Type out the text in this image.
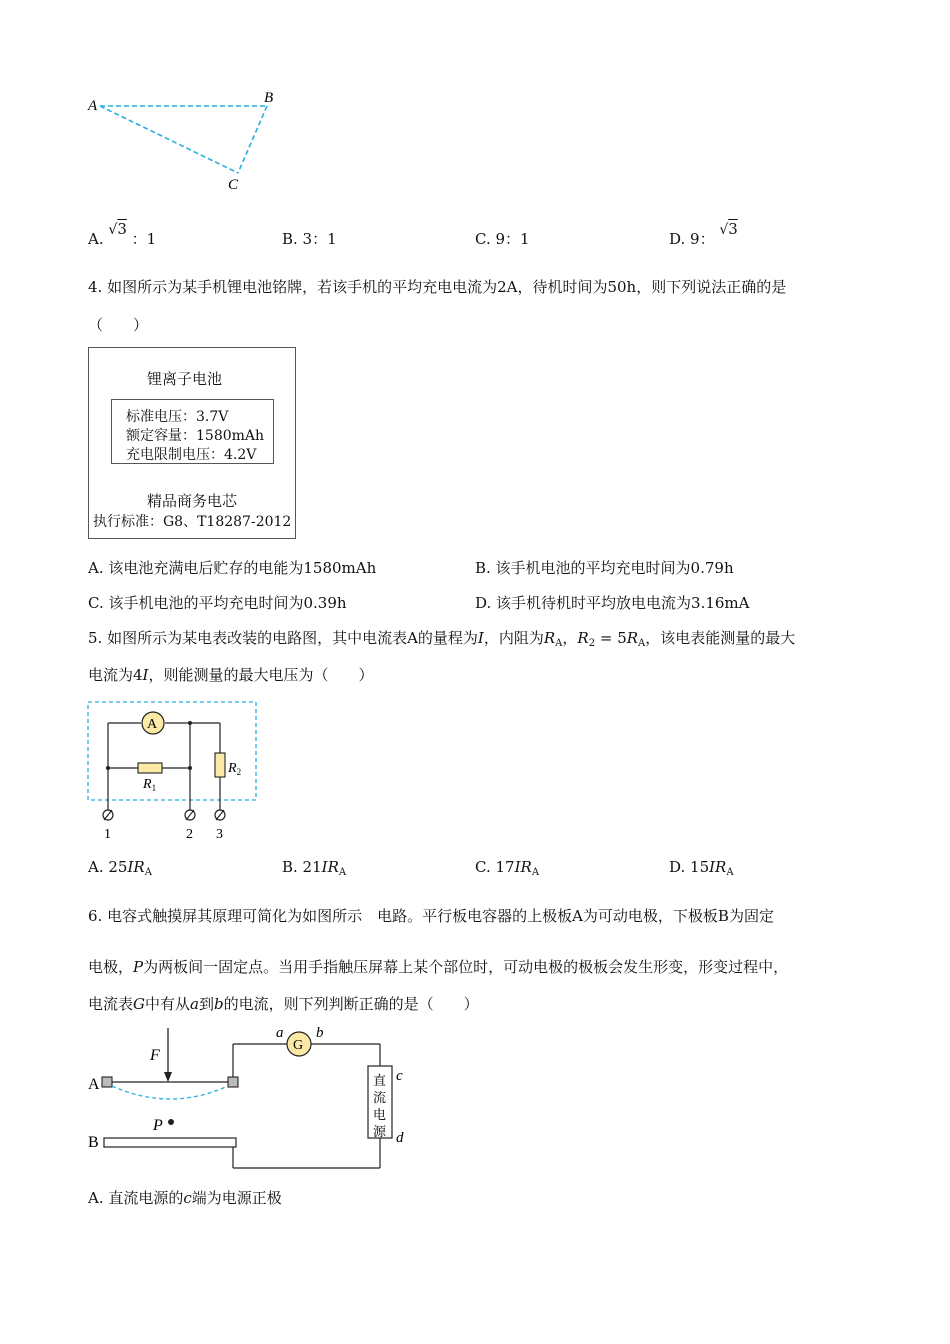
A	B
C
A. √3 ：1	B. 3：1	C. 9：1	D. 9： √3
4. 如图所示为某手机锂电池铭牌，若该手机的平均充电电流为2A，待机时间为50h，则下列说法正确的是
（　　）
锂离子电池
标准电压：3.7V
额定容量：1580mAh
充电限制电压：4.2V
精品商务电芯
执行标准：G8、T18287-2012
A. 该电池充满电后贮存的电能为1580mAh	B. 该手机电池的平均充电时间为0.79h
C. 该手机电池的平均充电时间为0.39h	D. 该手机待机时平均放电电流为3.16mA
5. 如图所示为某电表改装的电路图，其中电流表A的量程为I，内阻为$R_A$，$R_2 = 5R_A$，该电表能测量的最大
电流为4I，则能测量的最大电压为（　　）
A
$R_2$
$R_1$
1	2 3
A. $25IR_A$	B. $21IR_A$	C. $17IR_A$	D. $15IR_A$
6. 电容式触摸屏其原理可简化为如图所示　电路。平行板电容器的上极板A为可动电极，下极板B为固定
电极，P为两板间一固定点。当用手指触压屏幕上某个部位时，可动电极的极板会发生形变，形变过程中，
电流表G中有从a到b的电流，则下列判断正确的是（　　）
F
A
G
a b
直
流
电
源
c
d
P
B
A. 直流电源的c端为电源正极
